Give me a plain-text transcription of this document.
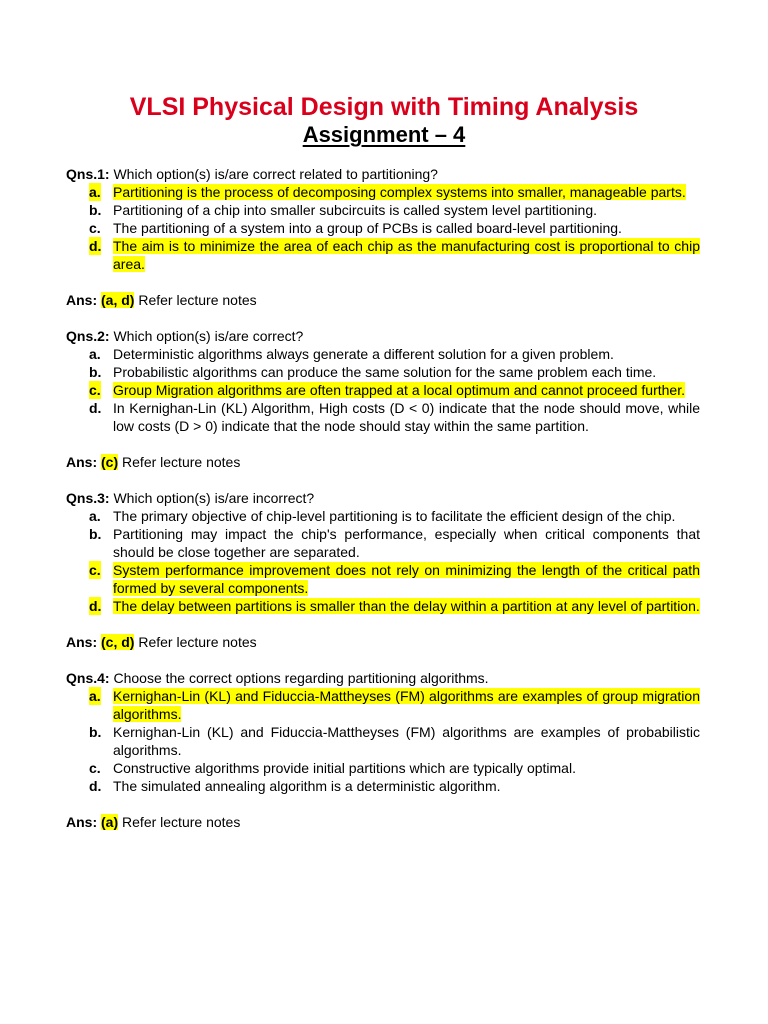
VLSI Physical Design with Timing Analysis
Assignment – 4

Qns.1: Which option(s) is/are correct related to partitioning?

a. Partitioning is the process of decomposing complex systems into smaller, manageable parts.
b. Partitioning of a chip into smaller subcircuits is called system level partitioning.
c. The partitioning of a system into a group of PCBs is called board-level partitioning.
d. The aim is to minimize the area of each chip as the manufacturing cost is proportional to chip area.

Ans: (a, d) Refer lecture notes

Qns.2: Which option(s) is/are correct?

a. Deterministic algorithms always generate a different solution for a given problem.
b. Probabilistic algorithms can produce the same solution for the same problem each time.
c. Group Migration algorithms are often trapped at a local optimum and cannot proceed further.
d. In Kernighan-Lin (KL) Algorithm, High costs (D < 0) indicate that the node should move, while low costs (D > 0) indicate that the node should stay within the same partition.

Ans: (c) Refer lecture notes

Qns.3: Which option(s) is/are incorrect?

a. The primary objective of chip-level partitioning is to facilitate the efficient design of the chip.
b. Partitioning may impact the chip's performance, especially when critical components that should be close together are separated.
c. System performance improvement does not rely on minimizing the length of the critical path formed by several components.
d. The delay between partitions is smaller than the delay within a partition at any level of partition.

Ans: (c, d) Refer lecture notes

Qns.4: Choose the correct options regarding partitioning algorithms.

a. Kernighan-Lin (KL) and Fiduccia-Mattheyses (FM) algorithms are examples of group migration algorithms.
b. Kernighan-Lin (KL) and Fiduccia-Mattheyses (FM) algorithms are examples of probabilistic algorithms.
c. Constructive algorithms provide initial partitions which are typically optimal.
d. The simulated annealing algorithm is a deterministic algorithm.

Ans: (a) Refer lecture notes
